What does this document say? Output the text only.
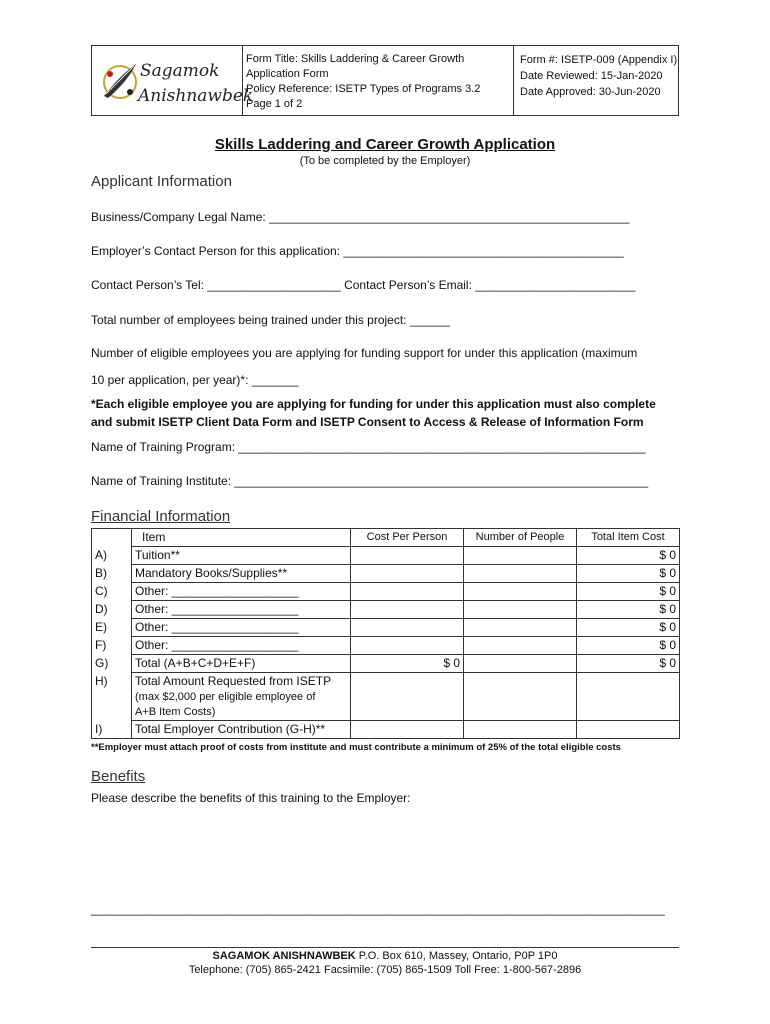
Sagamok
Anishnawbek
Form Title: Skills Laddering & Career Growth
Application Form
Policy Reference: ISETP Types of Programs 3.2
Page 1 of 2
Form #: ISETP-009 (Appendix I)
Date Reviewed: 15-Jan-2020
Date Approved: 30-Jun-2020
Skills Laddering and Career Growth Application
(To be completed by the Employer)
Applicant Information
Business/Company Legal Name: ______________________________________________________
Employer’s Contact Person for this application: __________________________________________
Contact Person’s Tel: ____________________ Contact Person’s Email: ________________________
Total number of employees being trained under this project: ______
Number of eligible employees you are applying for funding support for under this application (maximum
10 per application, per year)*: _______
*Each eligible employee you are applying for funding for under this application must also complete
and submit ISETP Client Data Form and ISETP Consent to Access & Release of Information Form
Name of Training Program: _____________________________________________________________
Name of Training Institute: ______________________________________________________________
Financial Information
	Item	Cost Per Person	Number of People	Total Item Cost
A)	Tuition**			$ 0
B)	Mandatory Books/Supplies**			$ 0
C)	Other: ___________________			$ 0
D)	Other: ___________________			$ 0
E)	Other: ___________________			$ 0
F)	Other: ___________________			$ 0
G)	Total (A+B+C+D+E+F)	$ 0		$ 0
H)	Total Amount Requested from ISETP
(max $2,000 per eligible employee of
A+B Item Costs)			

I)	Total Employer Contribution (G-H)**			
**Employer must attach proof of costs from institute and must contribute a minimum of 25% of the total eligible costs
Benefits
Please describe the benefits of this training to the Employer:
______________________________________________________________________________________
SAGAMOK ANISHNAWBEK P.O. Box 610, Massey, Ontario, P0P 1P0
Telephone: (705) 865-2421 Facsimile: (705) 865-1509 Toll Free: 1-800-567-2896
